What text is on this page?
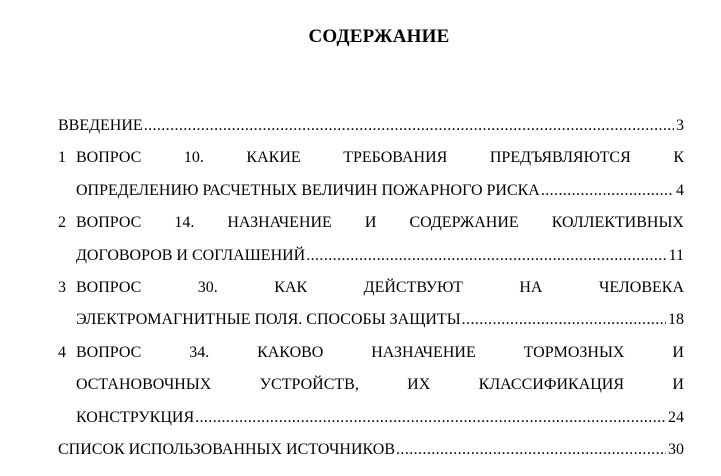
СОДЕРЖАНИЕ
ВВЕДЕНИЕ .....	3
1 ВОПРОС	10.	КАКИЕ	ТРЕБОВАНИЯ	ПРЕДЪЯВЛЯЮТСЯ	К
ОПРЕДЕЛЕНИЮ РАСЧЕТНЫХ ВЕЛИЧИН ПОЖАРНОГО РИСКА .....	4
2 ВОПРОС 14. НАЗНАЧЕНИЕ И СОДЕРЖАНИЕ КОЛЛЕКТИВНЫХ
ДОГОВОРОВ И СОГЛАШЕНИЙ .....	11
3 ВОПРОС	30.	КАК	ДЕЙСТВУЮТ	НА	ЧЕЛОВЕКА
ЭЛЕКТРОМАГНИТНЫЕ ПОЛЯ. СПОСОБЫ ЗАЩИТЫ .....	18
4 ВОПРОС	34.	КАКОВО	НАЗНАЧЕНИЕ	ТОРМОЗНЫХ	И
ОСТАНОВОЧНЫХ	УСТРОЙСТВ,	ИХ	КЛАССИФИКАЦИЯ	И
КОНСТРУКЦИЯ .....	24
СПИСОК ИСПОЛЬЗОВАННЫХ ИСТОЧНИКОВ .....	30
